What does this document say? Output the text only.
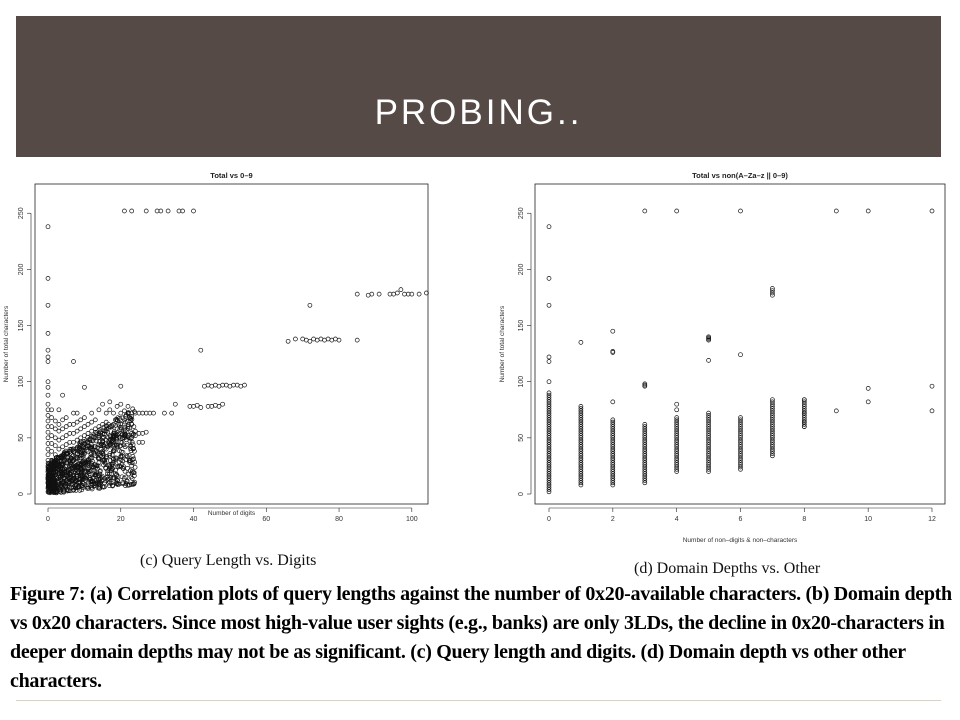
PROBING..
Total vs 0–9
0	20	40	60	80	100
0
50
100
150
200
250
Number of digits
Number of total characters
Total vs non(A–Za–z || 0–9)
0	2	4	6	8	10	12
0
50
100
150
200
250
Number of non–digits & non–characters
Number of total characters
(c) Query Length vs. Digits	(d) Domain Depths vs. Other
Figure 7: (a) Correlation plots of query lengths against the number of 0x20-available characters. (b) Domain depth vs 0x20 characters. Since most high-value user sights (e.g., banks) are only 3LDs, the decline in 0x20-characters in deeper domain depths may not be as significant. (c) Query length and digits. (d) Domain depth vs other other characters.
